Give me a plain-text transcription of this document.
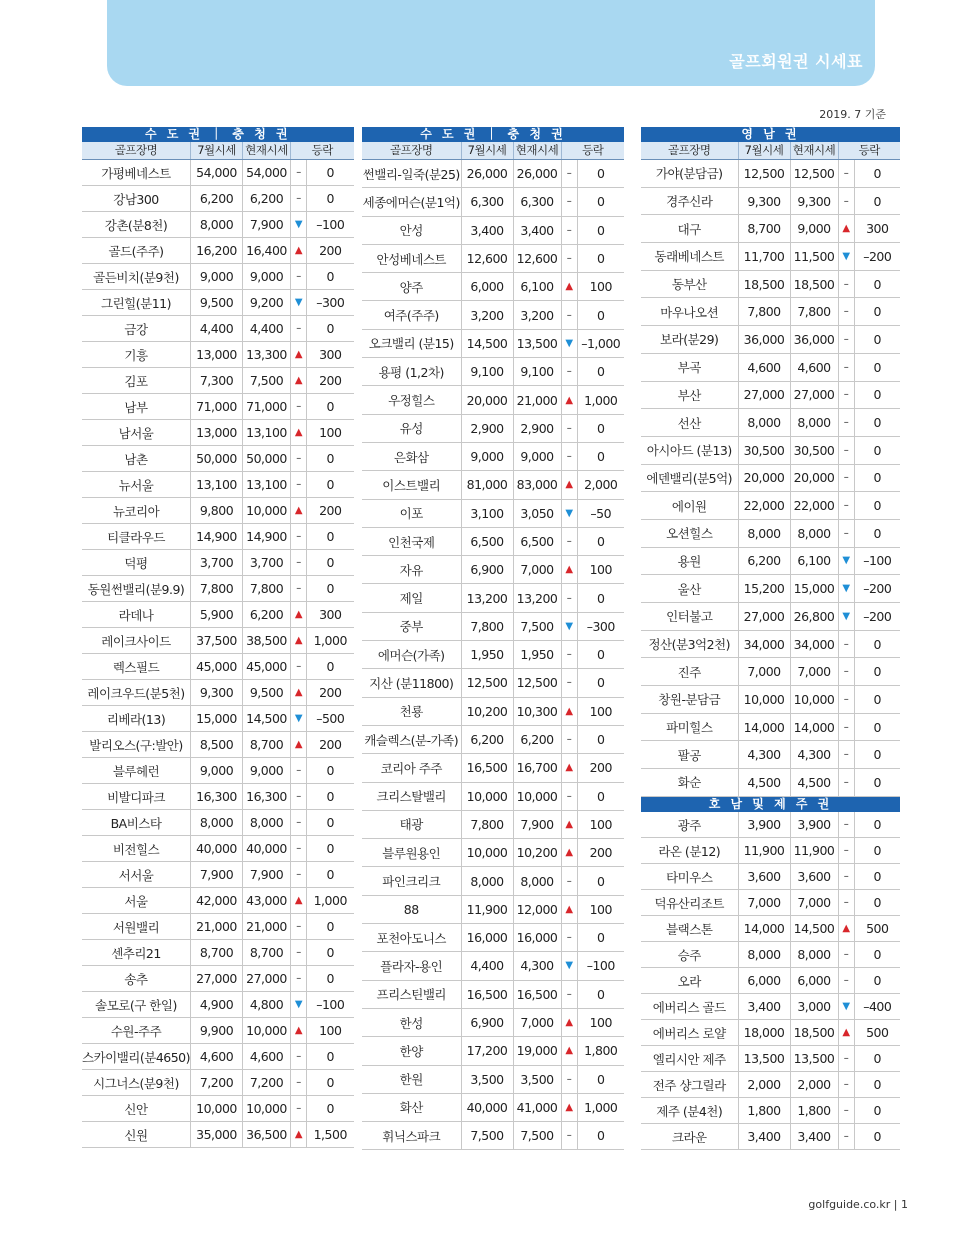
골프회원권 시세표
2019. 7 기준
수 도 권 ｜ 충 청 권				
골프장명	7월시세	현재시세	등락	
가평베네스트	54,000	54,000	–	0
강남300	6,200	6,200	–	0
강촌(분8천)	8,000	7,900	▼	–100
골드(주주)	16,200	16,400	▲	200
골든비치(분9천)	9,000	9,000	–	0
그린힐(분11)	9,500	9,200	▼	–300
금강	4,400	4,400	–	0
기흥	13,000	13,300	▲	300
김포	7,300	7,500	▲	200
남부	71,000	71,000	–	0
남서울	13,000	13,100	▲	100
남촌	50,000	50,000	–	0
뉴서울	13,100	13,100	–	0
뉴코리아	9,800	10,000	▲	200
티클라우드	14,900	14,900	–	0
덕평	3,700	3,700	–	0
동원썬밸리(분9.9)	7,800	7,800	–	0
라데나	5,900	6,200	▲	300
레이크사이드	37,500	38,500	▲	1,000
렉스필드	45,000	45,000	–	0
레이크우드(분5천)	9,300	9,500	▲	200
리베라(13)	15,000	14,500	▼	–500
발리오스(구:발안)	8,500	8,700	▲	200
블루헤런	9,000	9,000	–	0
비발디파크	16,300	16,300	–	0
BA비스타	8,000	8,000	–	0
비전힐스	40,000	40,000	–	0
서서울	7,900	7,900	–	0
서울	42,000	43,000	▲	1,000
서원밸리	21,000	21,000	–	0
센추리21	8,700	8,700	–	0
송추	27,000	27,000	–	0
솔모로(구 한일)	4,900	4,800	▼	–100
수원-주주	9,900	10,000	▲	100
스카이밸리(분4650)	4,600	4,600	–	0
시그너스(분9천)	7,200	7,200	–	0
신안	10,000	10,000	–	0
신원	35,000	36,500	▲	1,500
수 도 권 ｜ 충 청 권				
골프장명	7월시세	현재시세	등락	
썬밸리-일죽(분25)	26,000	26,000	–	0
세종에머슨(분1억)	6,300	6,300	–	0
안성	3,400	3,400	–	0
안성베네스트	12,600	12,600	–	0
양주	6,000	6,100	▲	100
여주(주주)	3,200	3,200	–	0
오크밸리 (분15)	14,500	13,500	▼	–1,000
용평 (1,2차)	9,100	9,100	–	0
우정힐스	20,000	21,000	▲	1,000
유성	2,900	2,900	–	0
은화삼	9,000	9,000	–	0
이스트밸리	81,000	83,000	▲	2,000
이포	3,100	3,050	▼	–50
인천국제	6,500	6,500	–	0
자유	6,900	7,000	▲	100
제일	13,200	13,200	–	0
중부	7,800	7,500	▼	–300
에머슨(가족)	1,950	1,950	–	0
지산 (분11800)	12,500	12,500	–	0
천룡	10,200	10,300	▲	100
캐슬렉스(분-가족)	6,200	6,200	–	0
코리아 주주	16,500	16,700	▲	200
크리스탈밸리	10,000	10,000	–	0
태광	7,800	7,900	▲	100
블루원용인	10,000	10,200	▲	200
파인크리크	8,000	8,000	–	0
88	11,900	12,000	▲	100
포천아도니스	16,000	16,000	–	0
플라자-용인	4,400	4,300	▼	–100
프리스틴밸리	16,500	16,500	–	0
한성	6,900	7,000	▲	100
한양	17,200	19,000	▲	1,800
한원	3,500	3,500	–	0
화산	40,000	41,000	▲	1,000
휘닉스파크	7,500	7,500	–	0
영 남 권				
골프장명	7월시세	현재시세	등락	
가야(분담금)	12,500	12,500	–	0
경주신라	9,300	9,300	–	0
대구	8,700	9,000	▲	300
동래베네스트	11,700	11,500	▼	–200
동부산	18,500	18,500	–	0
마우나오션	7,800	7,800	–	0
보라(분29)	36,000	36,000	–	0
부곡	4,600	4,600	–	0
부산	27,000	27,000	–	0
선산	8,000	8,000	–	0
아시아드 (분13)	30,500	30,500	–	0
에덴밸리(분5억)	20,000	20,000	–	0
에이원	22,000	22,000	–	0
오션힐스	8,000	8,000	–	0
용원	6,200	6,100	▼	–100
울산	15,200	15,000	▼	–200
인터불고	27,000	26,800	▼	–200
정산(분3억2천)	34,000	34,000	–	0
진주	7,000	7,000	–	0
창원-분담금	10,000	10,000	–	0
파미힐스	14,000	14,000	–	0
팔공	4,300	4,300	–	0
화순	4,500	4,500	–	0
호 남 및 제 주 권				
광주	3,900	3,900	–	0
라온 (분12)	11,900	11,900	–	0
타미우스	3,600	3,600	–	0
덕유산리조트	7,000	7,000	–	0
블랙스톤	14,000	14,500	▲	500
승주	8,000	8,000	–	0
오라	6,000	6,000	–	0
에버리스 골드	3,400	3,000	▼	–400
에버리스 로얄	18,000	18,500	▲	500
엘리시안 제주	13,500	13,500	–	0
전주 샹그릴라	2,000	2,000	–	0
제주 (분4천)	1,800	1,800	–	0
크라운	3,400	3,400	–	0
golfguide.co.kr | 1
